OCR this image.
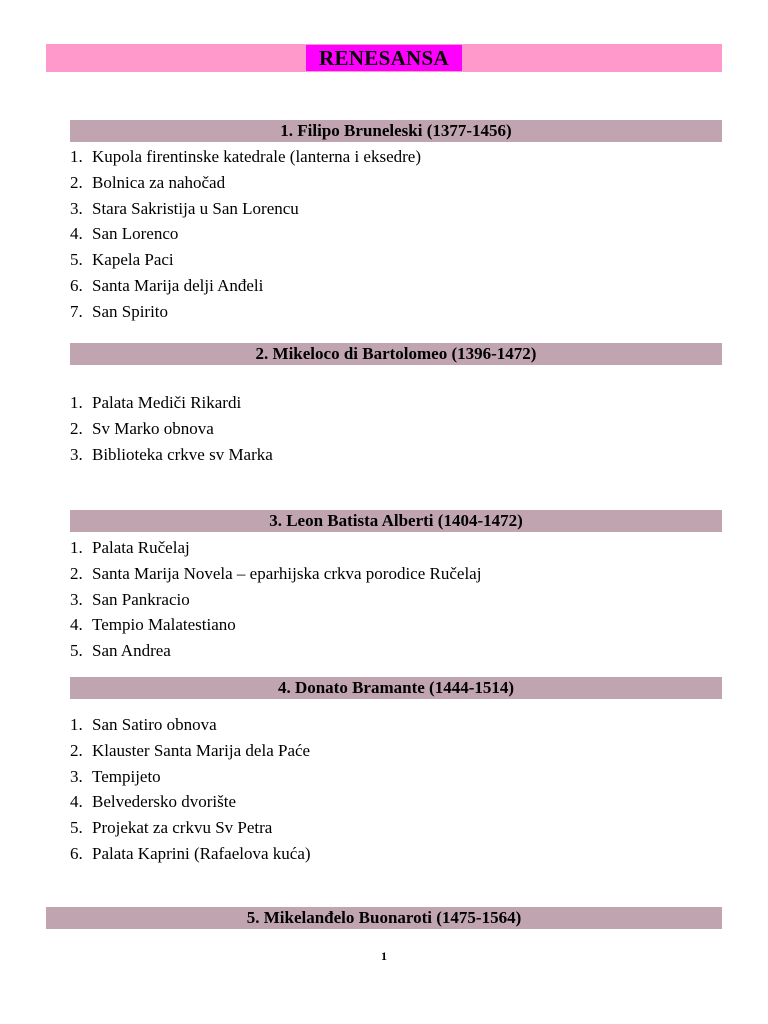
RENESANSA
1. Filipo Bruneleski (1377-1456)
1. Kupola firentinske katedrale (lanterna i eksedre)
2. Bolnica za nahočad
3. Stara Sakristija u San Lorencu
4. San Lorenco
5. Kapela Paci
6. Santa Marija delji Anđeli
7. San Spirito
2. Mikeloco di Bartolomeo (1396-1472)
1. Palata Mediči Rikardi
2. Sv Marko obnova
3. Biblioteka crkve sv Marka
3. Leon Batista Alberti (1404-1472)
1. Palata Ručelaj
2. Santa Marija Novela – eparhijska crkva porodice Ručelaj
3. San Pankracio
4. Tempio Malatestiano
5. San Andrea
4. Donato Bramante (1444-1514)
1. San Satiro obnova
2. Klauster Santa Marija dela Paće
3. Tempijeto
4. Belvedersko dvorište
5. Projekat za crkvu Sv Petra
6. Palata Kaprini (Rafaelova kuća)
5. Mikelanđelo Buonaroti (1475-1564)
1
